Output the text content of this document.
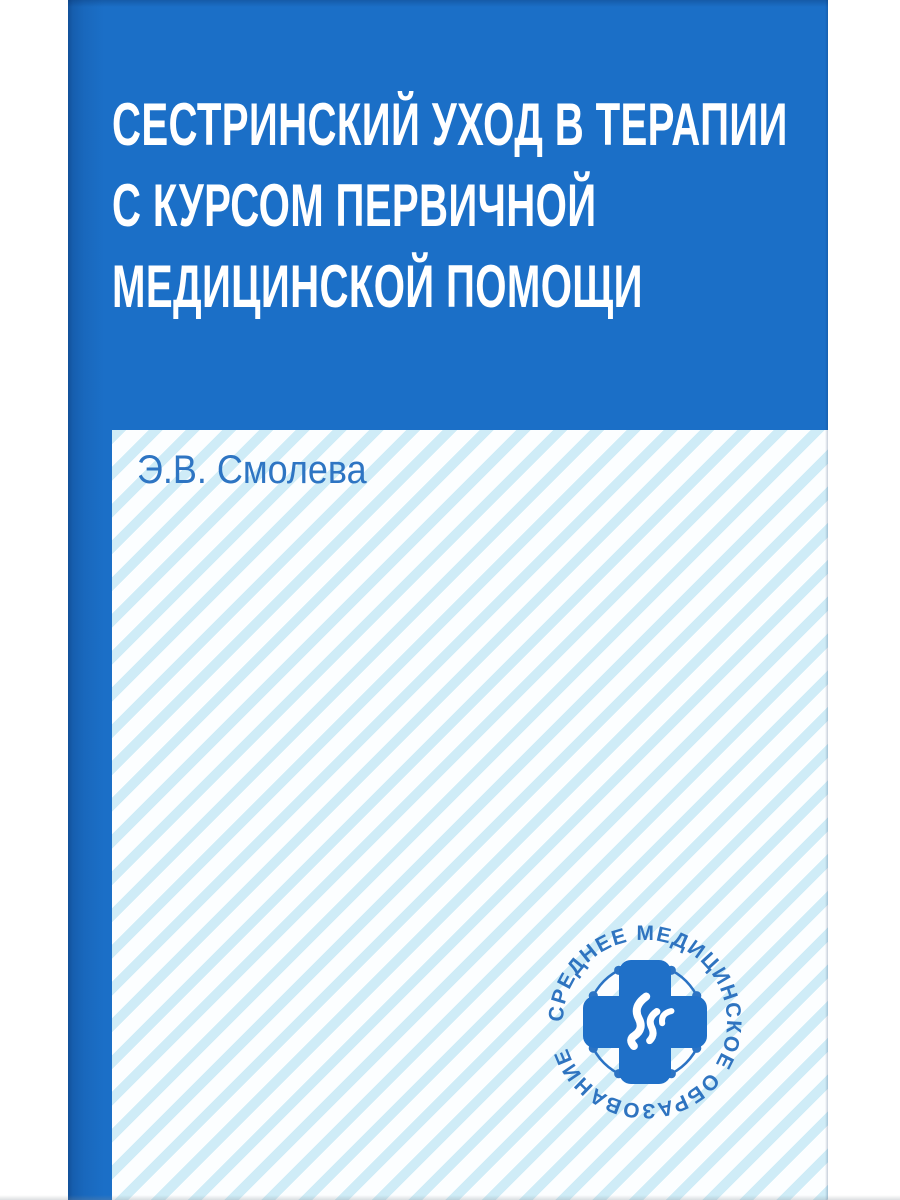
СЕСТРИНСКИЙ УХОД В ТЕРАПИИ
С КУРСОМ ПЕРВИЧНОЙ
МЕДИЦИНСКОЙ ПОМОЩИ
Э.В. Смолева
СРЕДНЕЕ МЕДИЦИНСКОЕ ОБРАЗОВАНИЕ
